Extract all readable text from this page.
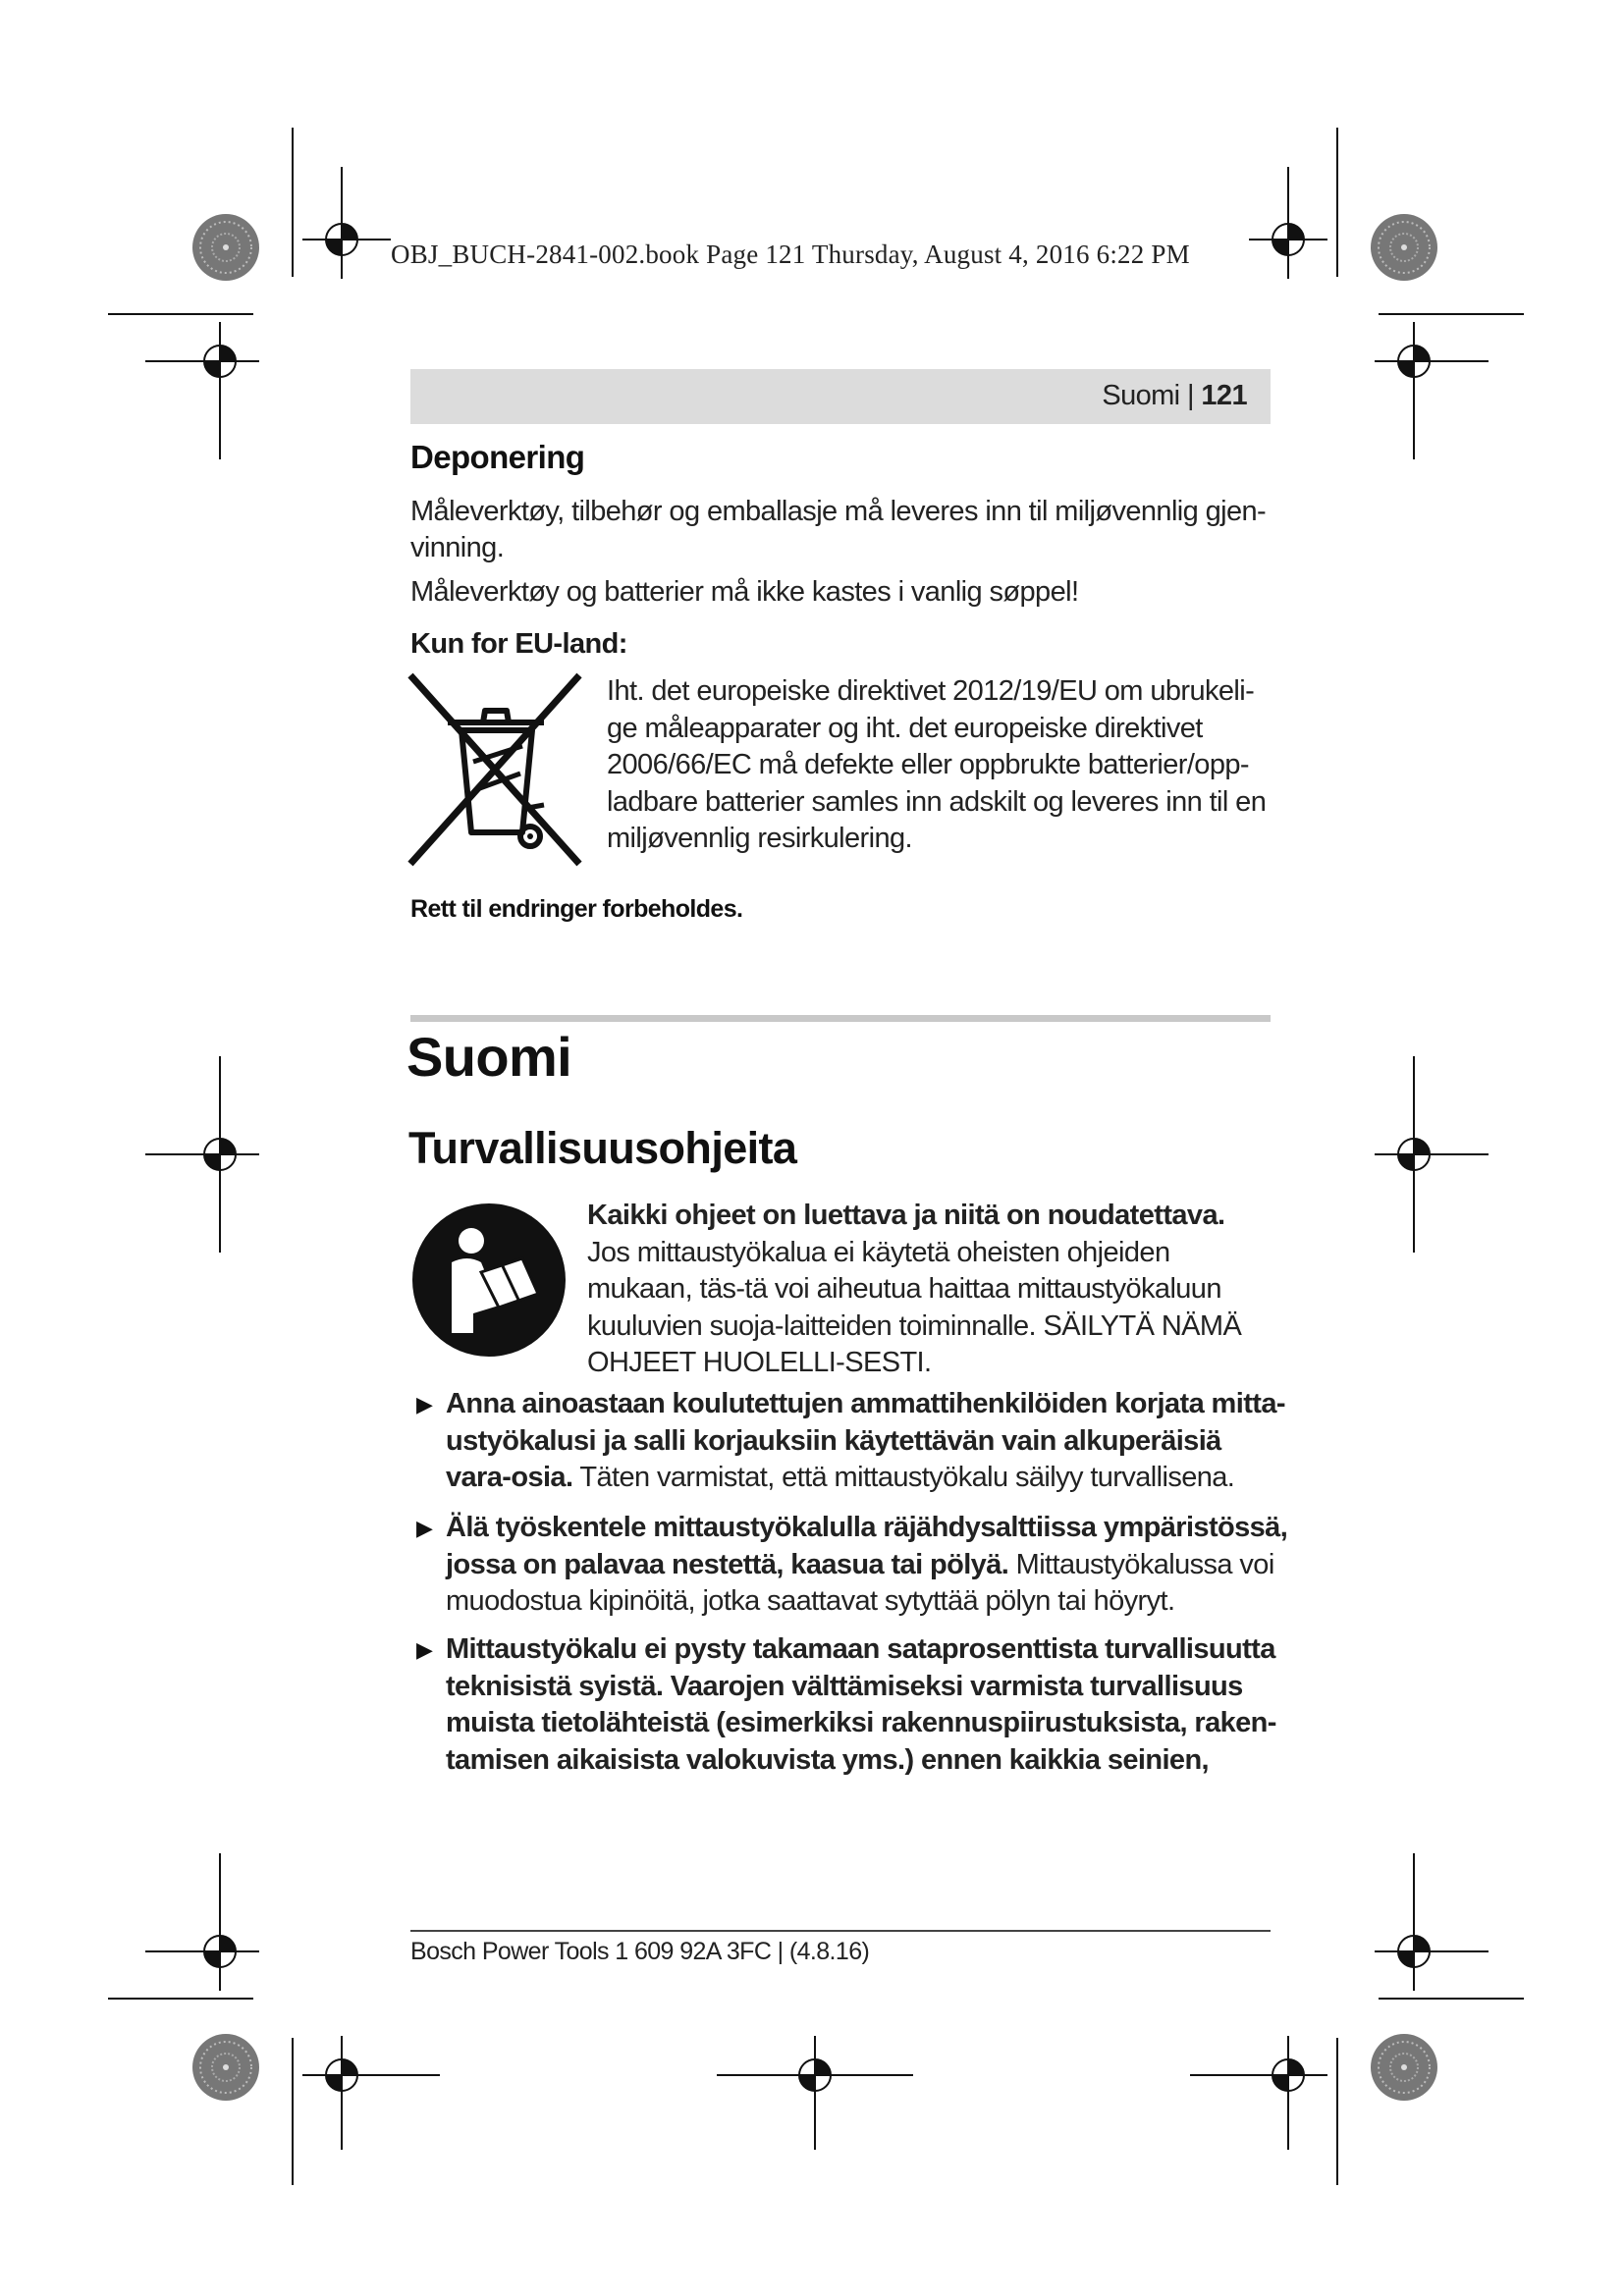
OBJ_BUCH-2841-002.book Page 121 Thursday, August 4, 2016 6:22 PM
Suomi | 121
Deponering
Måleverktøy, tilbehør og emballasje må leveres inn til miljøvennlig gjen-vinning.
Måleverktøy og batterier må ikke kastes i vanlig søppel!
Kun for EU-land:
Iht. det europeiske direktivet 2012/19/EU om ubrukeli-ge måleapparater og iht. det europeiske direktivet 2006/66/EC må defekte eller oppbrukte batterier/opp-ladbare batterier samles inn adskilt og leveres inn til en miljøvennlig resirkulering.
Rett til endringer forbeholdes.
Suomi
Turvallisuusohjeita
Kaikki ohjeet on luettava ja niitä on noudatettava. Jos mittaustyökalua ei käytetä oheisten ohjeiden mukaan, täs-tä voi aiheutua haittaa mittaustyökaluun kuuluvien suoja-laitteiden toiminnalle. SÄILYTÄ NÄMÄ OHJEET HUOLELLI-SESTI.
▶ Anna ainoastaan koulutettujen ammattihenkilöiden korjata mitta-ustyökalusi ja salli korjauksiin käytettävän vain alkuperäisiä vara-osia. Täten varmistat, että mittaustyökalu säilyy turvallisena.
▶ Älä työskentele mittaustyökalulla räjähdysalttiissa ympäristössä, jossa on palavaa nestettä, kaasua tai pölyä. Mittaustyökalussa voi muodostua kipinöitä, jotka saattavat sytyttää pölyn tai höyryt.
▶ Mittaustyökalu ei pysty takamaan sataprosenttista turvallisuutta teknisistä syistä. Vaarojen välttämiseksi varmista turvallisuus muista tietolähteistä (esimerkiksi rakennuspiirustuksista, raken-tamisen aikaisista valokuvista yms.) ennen kaikkia seinien,
Bosch Power Tools 1 609 92A 3FC | (4.8.16)
